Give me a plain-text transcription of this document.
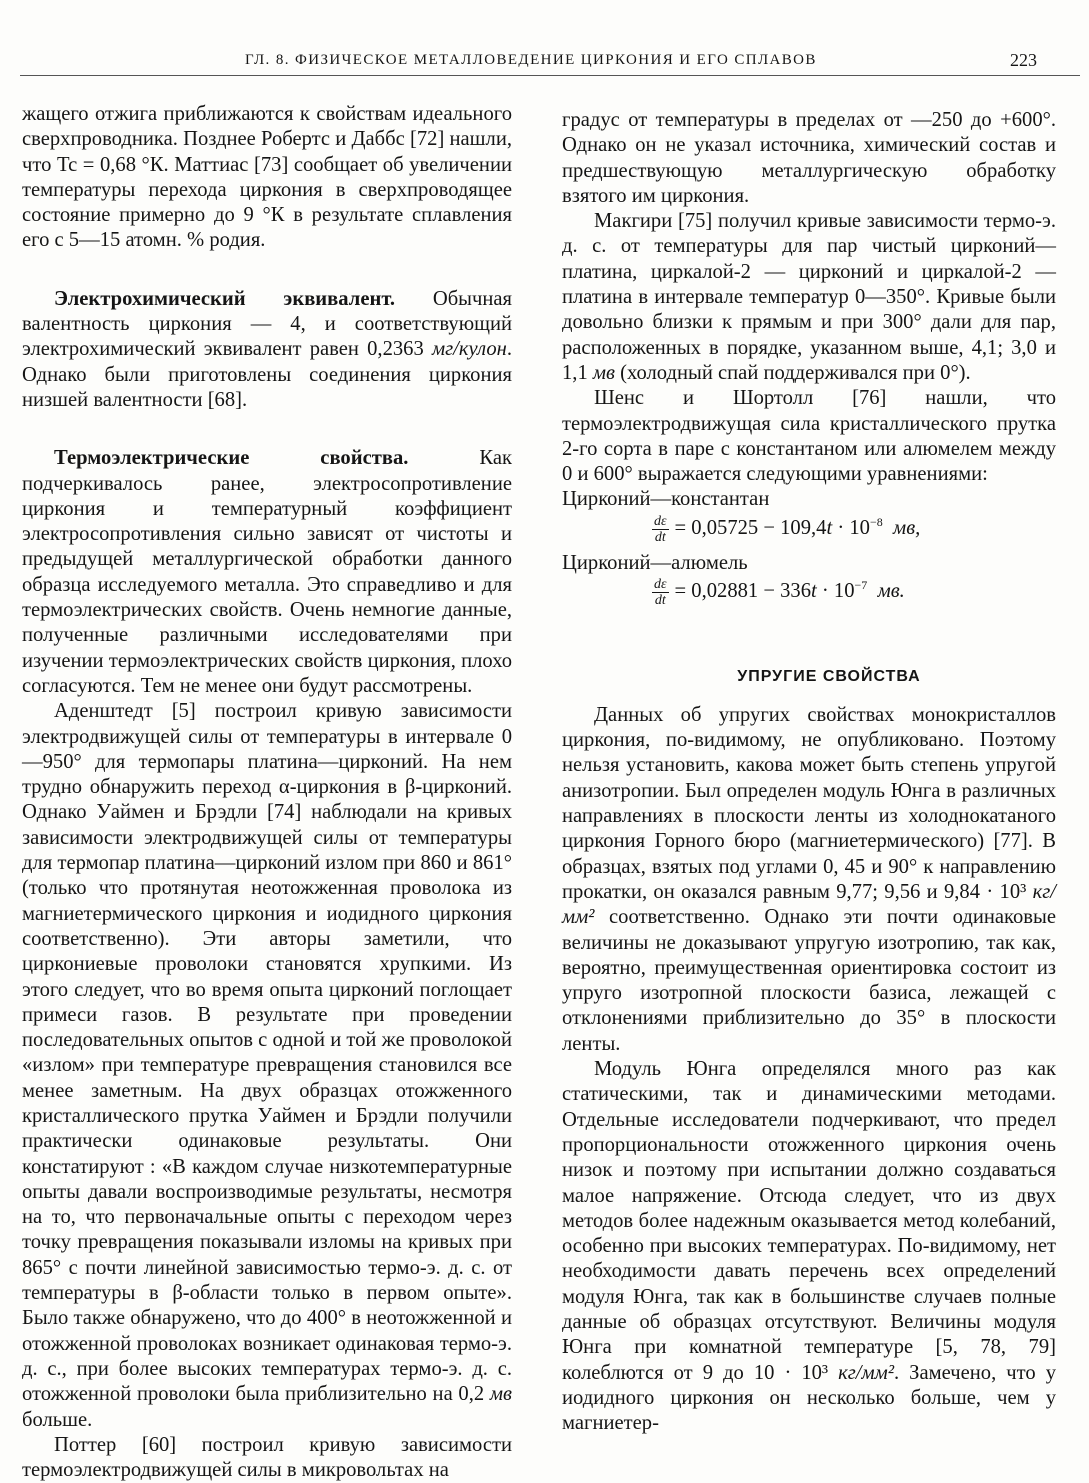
ГЛ. 8. ФИЗИЧЕСКОЕ МЕТАЛЛОВЕДЕНИЕ ЦИРКОНИЯ И ЕГО СПЛАВОВ	223

жащего отжига приближаются к свойствам идеального сверхпроводника. Позднее Робертс и Даббс [72] нашли, что Tc = 0,68 °К. Маттиас [73] сообщает об увеличении температуры перехода циркония в сверхпроводящее состояние примерно до 9 °К в результате сплавления его с 5—15 атомн. % родия.

Электрохимический эквивалент. Обычная валентность циркония — 4, и соответствующий электрохимический эквивалент равен 0,2363 мг/кулон. Однако были приготовлены соединения циркония низшей валентности [68].

Термоэлектрические свойства. Как подчеркивалось ранее, электросопротивление циркония и температурный коэффициент электросопротивления сильно зависят от чистоты и предыдущей металлургической обработки данного образца исследуемого металла. Это справедливо и для термоэлектрических свойств. Очень немногие данные, полученные различными исследователями при изучении термоэлектрических свойств циркония, плохо согласуются. Тем не менее они будут рассмотрены.

Аденштедт [5] построил кривую зависимости электродвижущей силы от температуры в интервале 0—950° для термопары платина—цирконий. На нем трудно обнаружить переход α-циркония в β-цирконий. Однако Уаймен и Брэдли [74] наблюдали на кривых зависимости электродвижущей силы от температуры для термопар платина—цирконий излом при 860 и 861° (только что протянутая неотожженная проволока из магниетермического циркония и иодидного циркония соответственно). Эти авторы заметили, что циркониевые проволоки становятся хрупкими. Из этого следует, что во время опыта цирконий поглощает примеси газов. В результате при проведении последовательных опытов с одной и той же проволокой «излом» при температуре превращения становился все менее заметным. На двух образцах отожженного кристаллического прутка Уаймен и Брэдли получили практически одинаковые результаты. Они констатируют : «В каждом случае низкотемпературные опыты давали воспроизводимые результаты, несмотря на то, что первоначальные опыты с переходом через точку превращения показывали изломы на кривых при 865° с почти линейной зависимостью термо-э. д. с. от температуры в β-области только в первом опыте». Было также обнаружено, что до 400° в неотожженной и отожженной проволоках возникает одинаковая термо-э. д. с., при более высоких температурах термо-э. д. с. отожженной проволоки была приблизительно на 0,2 мв больше.

Поттер [60] построил кривую зависимости термоэлектродвижущей силы в микровольтах на

градус от температуры в пределах от —250 до +600°. Однако он не указал источника, химический состав и предшествующую металлургическую обработку взятого им циркония.

Макгири [75] получил кривые зависимости термо-э. д. с. от температуры для пар чистый цирконий—платина, циркалой-2 — цирконий и циркалой-2 — платина в интервале температур 0—350°. Кривые были довольно близки к прямым и при 300° дали для пар, расположенных в порядке, указанном выше, 4,1; 3,0 и 1,1 мв (холодный спай поддерживался при 0°).

Шенс и Шортолл [76] нашли, что термоэлектродвижущая сила кристаллического прутка 2-го сорта в паре с константаном или алюмелем между 0 и 600° выражается следующими уравнениями:

Цирконий—константан

$\frac{d\varepsilon}{dt} = 0,05725 - 109,4t \cdot 10^{-8}$ мв,

Цирконий—алюмель

$\frac{d\varepsilon}{dt} = 0,02881 - 336t \cdot 10^{-7}$ мв.
УПРУГИЕ СВОЙСТВА

Данных об упругих свойствах монокристаллов циркония, по-видимому, не опубликовано. Поэтому нельзя установить, какова может быть степень упругой анизотропии. Был определен модуль Юнга в различных направлениях в плоскости ленты из холоднокатаного циркония Горного бюро (магниетермического) [77]. В образцах, взятых под углами 0, 45 и 90° к направлению прокатки, он оказался равным 9,77; 9,56 и 9,84 · 10³ кг/мм² соответственно. Однако эти почти одинаковые величины не доказывают упругую изотропию, так как, вероятно, преимущественная ориентировка состоит из упруго изотропной плоскости базиса, лежащей с отклонениями приблизительно до 35° в плоскости ленты.

Модуль Юнга определялся много раз как статическими, так и динамическими методами. Отдельные исследователи подчеркивают, что предел пропорциональности отожженного циркония очень низок и поэтому при испытании должно создаваться малое напряжение. Отсюда следует, что из двух методов более надежным оказывается метод колебаний, особенно при высоких температурах. По-видимому, нет необходимости давать перечень всех определений модуля Юнга, так как в большинстве случаев полные данные об образцах отсутствуют. Величины модуля Юнга при комнатной температуре [5, 78, 79] колеблются от 9 до 10 · 10³ кг/мм². Замечено, что у иодидного циркония он несколько больше, чем у магниетер-
